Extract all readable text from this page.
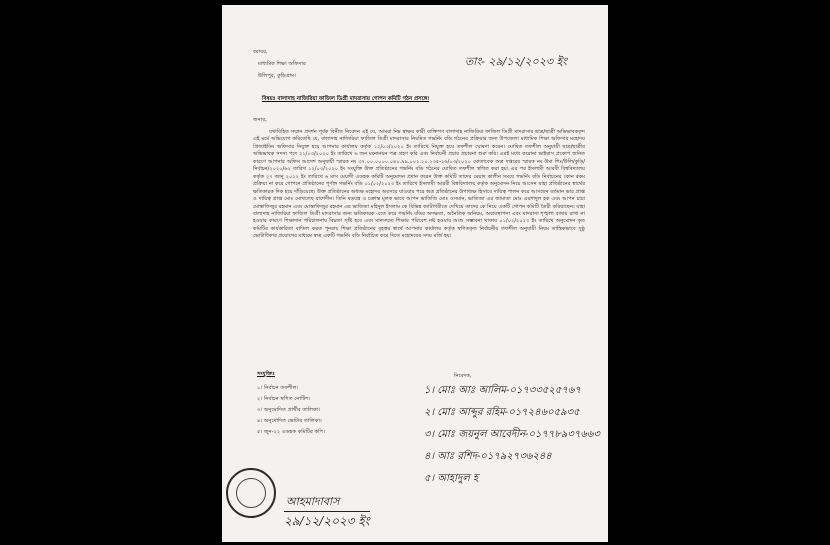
তাং- ২৯/১২/২০২৩ ইং
বরাবর,
মাধ্যমিক শিক্ষা অফিসার
উলিপুর, কুড়িগ্রাম।
বিষয়ঃ বালাদাহ নাজিরিয়া ফাজিল ডিগ্রী মাদরাসায় গোপন কমিটি গঠন প্রসঙ্গে।
জনাব,

যথাবিহিত সম্মান প্রদর্শন পূর্বক বিনীত নিবেদন এই যে, আমরা নিম্ন স্বাক্ষর কারী ব্যক্তিগণ বালাদাহ নাজিরিয়া ফাজিল ডিগ্রী মাদরাসার ছাত্র/ছাত্রী অভিভাবকবৃন্দ এই মর্মে অভিযোগ করিতেছি যে, বালাদাহ নাজিরিয়া ফাজিল ডিগ্রী মাদরাসার নিয়মিত গভর্নিং বডি গঠনের প্রক্রিয়ার জন্য উপজেলা মাধ্যমিক শিক্ষা অফিসার মহোদয় প্রিজাইডিং অফিসার নিযুক্ত হয়ে আপনার কার্যালয় কর্তৃক ১২/০৩/২০২০ ইং তারিখে নিযুক্ত হয়ে তফশীল ঘোষণা করেন। ঘোষিত তফশীল অনুযায়ী ছাত্র/ছাত্রীর অভিভাবক সদস্য পদে ২১/০৩/২০২০ ইং তারিখে ৬ জন মনোনয়ন পত্র গ্রহণ করি এবং নির্বাচনী প্রচার প্রচারনা শুরু করি। এরই মধ্যে করোনা ভাইরাস প্রকোপ জনিত কারণে আপনার অফিস আদেশ অনুযায়ী স্মারক নং ৩৭.০০.০০০০.০৪০.৯৯.০০২.২০.২৩৫-১৬/০৩/২০২০ মোতাবেক অত্র দপ্তরের স্মারক নং উমা শিঃ/উলি/কুড়ি/নির্বাচন/২০২০/৬২ তারিখ ১২/০৩/২০২০ ইং সংযুক্তি উক্ত প্রতিষ্ঠানের গভর্নিং বডি গঠনের ঘোষিত তফশীল স্থগিত করা হয়। এর পর ইসলামী আরবী বিশ্ববিদ্যালয় কর্তৃক ২৭ জানু ২০২২ ইং তারিখে ৬ মাস মেয়াদী এডহক কমিটি অনুমোদন প্রদান করেন উক্ত কমিটি তাদের মেয়াদ কালীন সময়ে গভর্নিং বডি নির্বাচনের কোন রকম প্রক্রিয়া না করে গোপনে প্রতিষ্ঠানের পূর্ণাঙ্গ গভর্নিং বডি ০১/০২/২০২৩ ইং তারিখে ইসলামী আরবী বিশ্ববিদ্যালয় কর্তৃক অনুমোদন নিয়ে আসেন যাহা প্রতিষ্ঠানের স্বার্থের ক্ষতিকারক দিক হয়ে দাঁড়িয়েছে। উক্ত প্রতিষ্ঠানের অধ্যক্ষ মহোদয় অবসরে যাওয়ার পরে অত্র প্রতিষ্ঠানের উপাধ্যক্ষ হিসাবে দায়িত্ব পালন করে আসছেন বর্তমান ভার প্রাপ্ত ও দায়িত্ব প্রাপ্ত মোঃ মোখলেছ রাশেদীন। তিনি ষড়যন্ত্র ও চক্রান্ত মূলক ভাবে আপন ভাতিজি মোঃ ওসমান, ভাতিজা এর জামাতা মোঃ এরশাদুল হক এবং আপন চাচা মোস্তাফিজুর রহমান এবং মোস্তাফিজুর রহমান এর ভাতিজা মহিদুল ইসলাম কে বিভিন্ন ক্যাটাগরীতে দেখিয়ে তাদের কে নিয়ে একটি গোপন কমিটি তৈরী করিয়াছেন। যাহা বালাদাহ নাজিরিয়া ফাজিল ডিগ্রী মাদরাসার জন্য ক্ষতিকারক এতে করে গভর্নিং বডির অদক্ষতা, অনৈতিক অনিয়ম, অব্যবস্থাপনা এবং মাদরাসা শৃঙ্খলা বজায় রাখা না হওয়ার কারণে শিক্ষাদান পরিচালনায় বিঘ্নতা সৃষ্টি হবে এবং মানসম্মত শিক্ষার পরিবেশ নষ্ট হওয়ার আশু সম্ভাবনা থাকায় ০১/০২/২০২৩ ইং তারিখে অনুমোদন কৃত কমিটির কার্যকারিতা বাতিল করত পুনরায় শিক্ষা প্রতিষ্ঠানের বৃহত্তর স্বার্থে আপনার কার্যালয় কর্তৃক স্থগিতকৃত নির্বাচনীয় তফশীল অনুযায়ী নিয়ম তান্ত্রিকভাবে সুষ্ঠু ভোটাধিকার প্রয়োগের মাধ্যমে স্বচ্ছ একটি গভর্নিং বডি নির্বাচিত করে দিতে মহোদয়ের সদয় মর্জি হয়।

সংযুক্তিঃ
১। নির্বাচন তফশীল।
২। নির্বাচন স্থগিত নোটিশ।
৩। অনুমোদিত প্রার্থীর তালিকা।
৪। অনুমোদিত ভোটার তালিকা।
৫। জুন-২২ এডহক কমিটির কপি।
নিবেদক,
১। মোঃ আঃ আলিম-০১৭৩৩৫২৫৭৬৭
২। মোঃ আব্দুর রহিম-০১৭২৪৬০৫৯৩৫
৩। মোঃ জয়নুল আবেদীন-০১৭৭৮৯৩৭৬৬৩
৪। আঃ রশিদ-০১৭৯২৭৩৬২৪৪
৫। আহাদুল হ
আহমাদাবাস
২৯/১২/২০২৩ ইং
